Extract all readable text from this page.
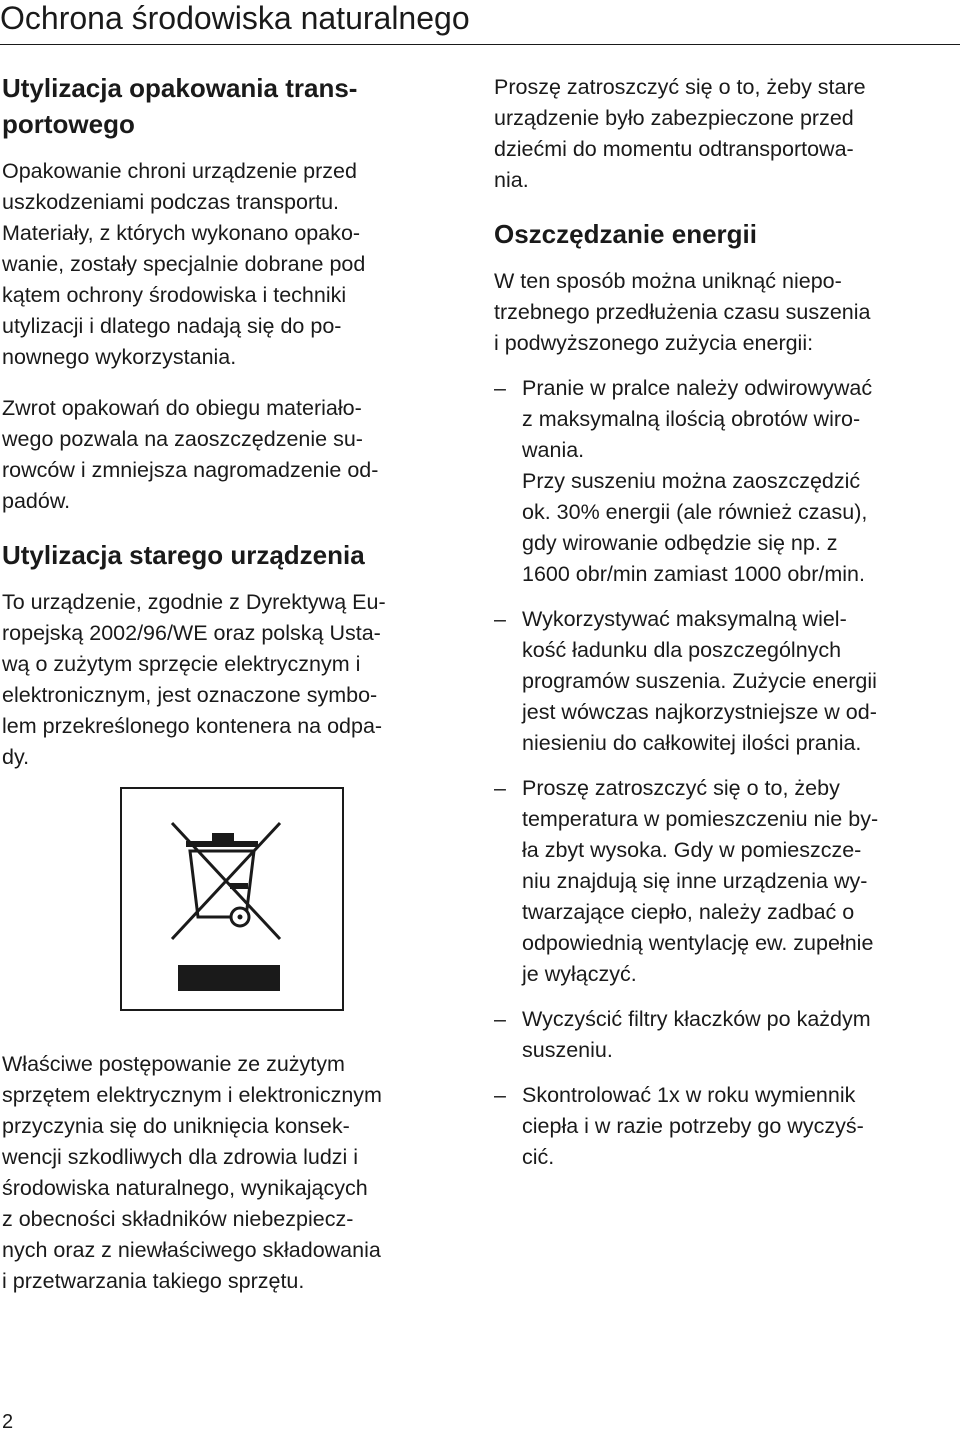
Ochrona środowiska naturalnego
Utylizacja opakowania trans-
portowego

Opakowanie chroni urządzenie przed
uszkodzeniami podczas transportu.
Materiały, z których wykonano opako-
wanie, zostały specjalnie dobrane pod
kątem ochrony środowiska i techniki
utylizacji i dlatego nadają się do po-
nownego wykorzystania.

Zwrot opakowań do obiegu materiało-
wego pozwala na zaoszczędzenie su-
rowców i zmniejsza nagromadzenie od-
padów.

Utylizacja starego urządzenia

To urządzenie, zgodnie z Dyrektywą Eu-
ropejską 2002/96/WE oraz polską Usta-
wą o zużytym sprzęcie elektrycznym i
elektronicznym, jest oznaczone symbo-
lem przekreślonego kontenera na odpa-
dy.

Właściwe postępowanie ze zużytym
sprzętem elektrycznym i elektronicznym
przyczynia się do uniknięcia konsek-
wencji szkodliwych dla zdrowia ludzi i
środowiska naturalnego, wynikających
z obecności składników niebezpiecz-
nych oraz z niewłaściwego składowania
i przetwarzania takiego sprzętu.

Proszę zatroszczyć się o to, żeby stare
urządzenie było zabezpieczone przed
dziećmi do momentu odtransportowa-
nia.

Oszczędzanie energii

W ten sposób można uniknąć niepo-
trzebnego przedłużenia czasu suszenia
i podwyższonego zużycia energii:

– Pranie w pralce należy odwirowywać
z maksymalną ilością obrotów wiro-
wania.
Przy suszeniu można zaoszczędzić
ok. 30% energii (ale również czasu),
gdy wirowanie odbędzie się np. z
1600 obr/min zamiast 1000 obr/min.
– Wykorzystywać maksymalną wiel-
kość ładunku dla poszczególnych
programów suszenia. Zużycie energii
jest wówczas najkorzystniejsze w od-
niesieniu do całkowitej ilości prania.
– Proszę zatroszczyć się o to, żeby
temperatura w pomieszczeniu nie by-
ła zbyt wysoka. Gdy w pomieszcze-
niu znajdują się inne urządzenia wy-
twarzające ciepło, należy zadbać o
odpowiednią wentylację ew. zupełnie
je wyłączyć.
– Wyczyścić filtry kłaczków po każdym
suszeniu.
– Skontrolować 1x w roku wymiennik
ciepła i w razie potrzeby go wyczyś-
cić.
2
